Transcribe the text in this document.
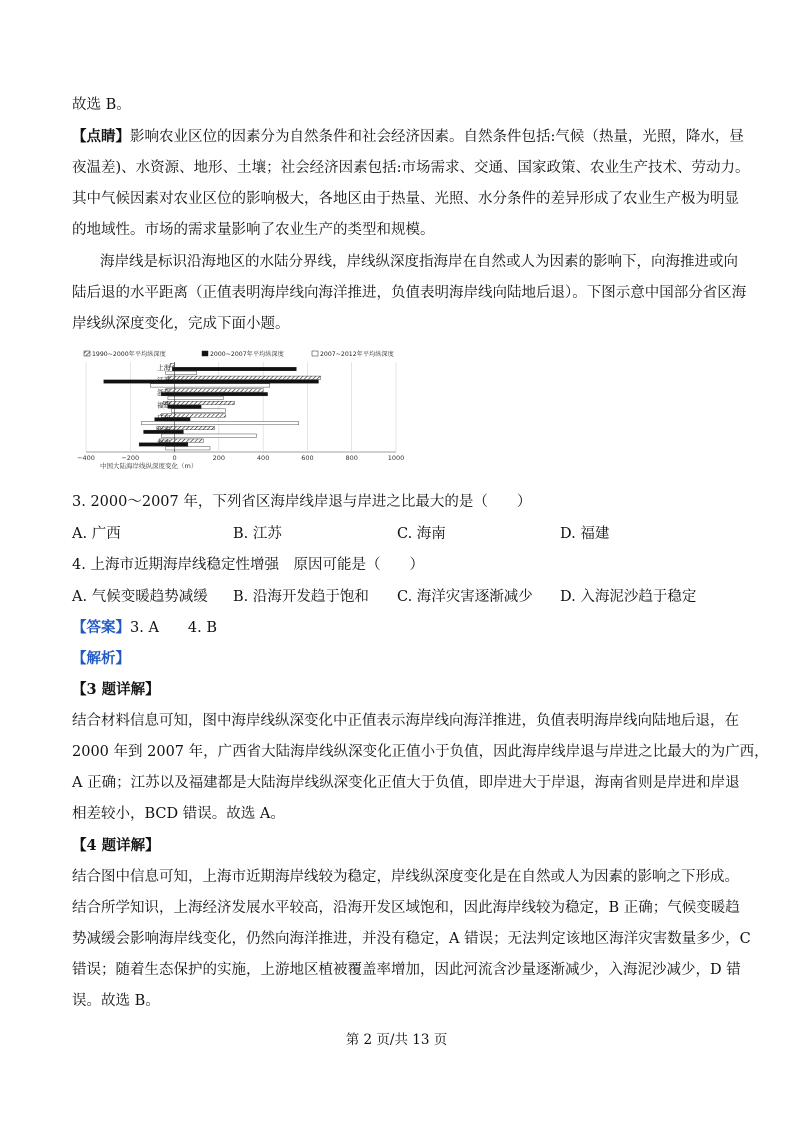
故选 B。
【点睛】影响农业区位的因素分为自然条件和社会经济因素。自然条件包括:气候（热量，光照，降水，昼
夜温差)、水资源、地形、土壤；社会经济因素包括:市场需求、交通、国家政策、农业生产技术、劳动力。
其中气候因素对农业区位的影响极大，各地区由于热量、光照、水分条件的差异形成了农业生产极为明显
的地域性。市场的需求量影响了农业生产的类型和规模。
海岸线是标识沿海地区的水陆分界线，岸线纵深度指海岸在自然或人为因素的影响下，向海推进或向
陆后退的水平距离（正值表明海岸线向海洋推进，负值表明海岸线向陆地后退）。下图示意中国部分省区海
岸线纵深度变化，完成下面小题。
1990~2000年平均纵深度	2000~2007年平均纵深度	2007~2012年平均纵深度
上海
江苏
浙江
福建
广东
广西
海南
−400	−200	0	200	400	600	800	1000
中国大陆海岸线纵深度变化（m）
3. 2000～2007 年，下列省区海岸线岸退与岸进之比最大的是（　　）
A. 广西	B. 江苏	C. 海南	D. 福建
4. 上海市近期海岸线稳定性增强　原因可能是（　　）
A. 气候变暖趋势减缓 B. 沿海开发趋于饱和 C. 海洋灾害逐渐减少 D. 入海泥沙趋于稳定
【答案】3. A　　4. B
【解析】
【3 题详解】
结合材料信息可知，图中海岸线纵深变化中正值表示海岸线向海洋推进，负值表明海岸线向陆地后退，在
2000 年到 2007 年，广西省大陆海岸线纵深变化正值小于负值，因此海岸线岸退与岸进之比最大的为广西，
A 正确；江苏以及福建都是大陆海岸线纵深变化正值大于负值，即岸进大于岸退，海南省则是岸进和岸退
相差较小，BCD 错误。故选 A。
【4 题详解】
结合图中信息可知，上海市近期海岸线较为稳定，岸线纵深度变化是在自然或人为因素的影响之下形成。
结合所学知识，上海经济发展水平较高，沿海开发区域饱和，因此海岸线较为稳定，B 正确；气候变暖趋
势减缓会影响海岸线变化，仍然向海洋推进，并没有稳定，A 错误；无法判定该地区海洋灾害数量多少，C
错误；随着生态保护的实施，上游地区植被覆盖率增加，因此河流含沙量逐渐减少，入海泥沙减少，D 错
误。故选 B。
第 2 页/共 13 页
